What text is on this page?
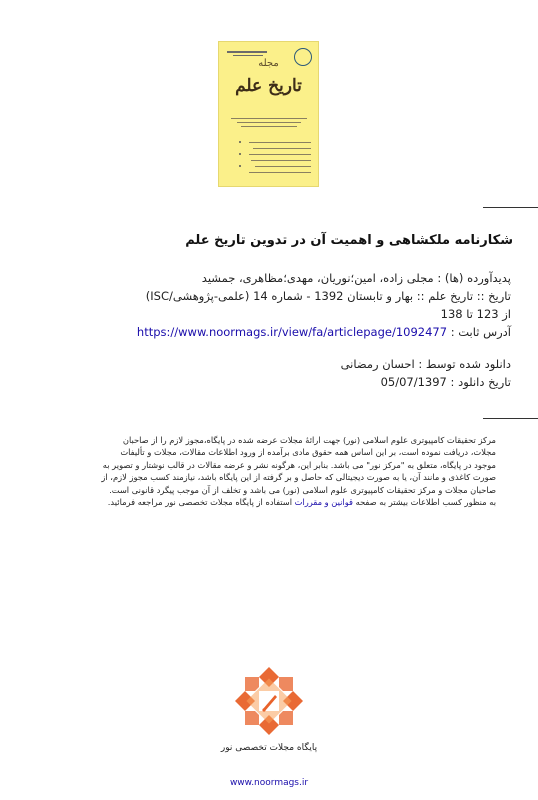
مجله
تاریخ علم
شکارنامه ملکشاهی و اهمیت آن در تدوین تاریخ علم
پدیدآورده (ها) : مجلی زاده، امین؛نوریان، مهدی؛مظاهری، جمشید
تاریخ :: تاریخ علم :: بهار و تابستان 1392 - شماره 14 (علمی-پژوهشی/ISC)
از 123 تا 138
آدرس ثابت : https://www.noormags.ir/view/fa/articlepage/1092477
دانلود شده توسط : احسان رمضانی
تاریخ دانلود : 05/07/1397
مرکز تحقیقات کامپیوتری علوم اسلامی (نور) جهت ارائهٔ مجلات عرضه شده در پایگاه،مجوز لازم را از صاحبان
مجلات، دریافت نموده است، بر این اساس همه حقوق مادی برآمده از ورود اطلاعات مقالات، مجلات و تألیفات
موجود در پایگاه، متعلق به "مرکز نور" می باشد. بنابر این، هرگونه نشر و عرضه مقالات در قالب نوشتار و تصویر به
صورت کاغذی و مانند آن، یا به صورت دیجیتالی که حاصل و بر گرفته از این پایگاه باشد، نیازمند کسب مجوز لازم، از
صاحبان مجلات و مرکز تحقیقات کامپیوتری علوم اسلامی (نور) می باشد و تخلف از آن موجب پیگرد قانونی است.
به منظور کسب اطلاعات بیشتر به صفحه قوانین و مقررات استفاده از پایگاه مجلات تخصصی نور مراجعه فرمائید.
پایگاه مجلات تخصصی نور
www.noormags.ir
